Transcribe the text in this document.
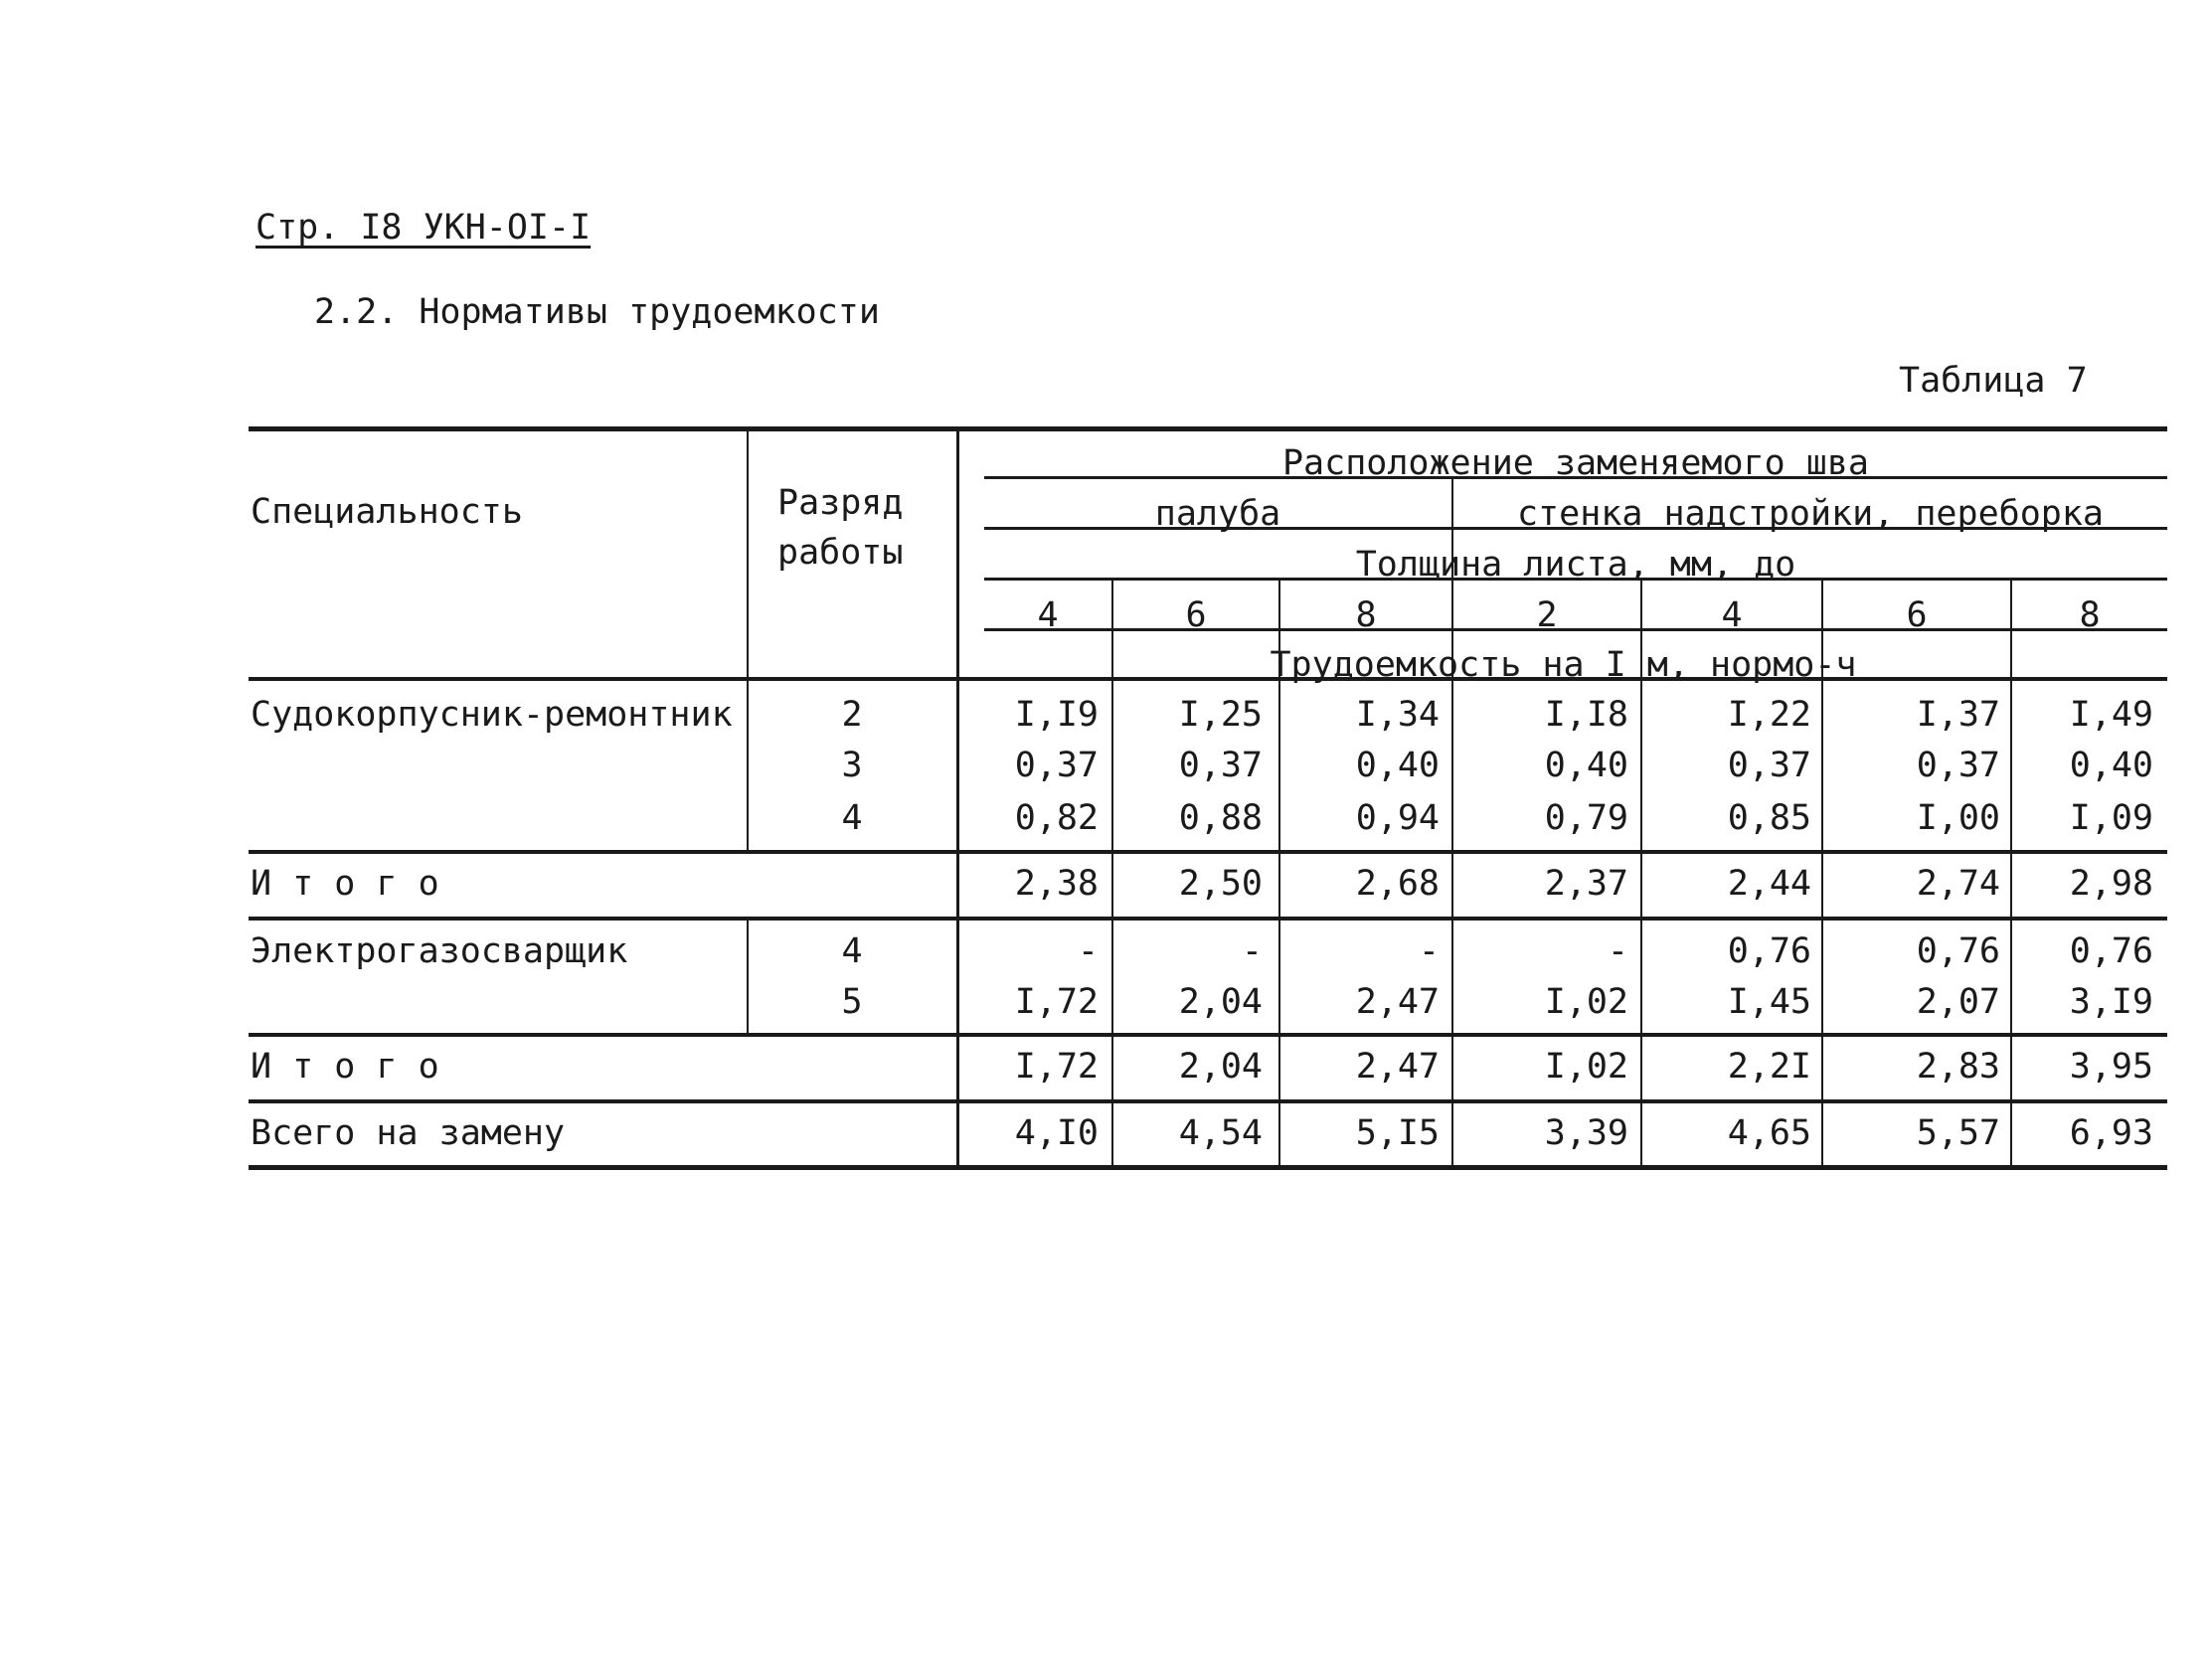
Стр. I8 УКН-OI-I
2.2. Нормативы трудоемкости
Таблица 7
Специальность	Разряд работы
Расположение заменяемого шва
палуба	стенка надстройки, переборка
Толщина листа, мм, до
4	6	8	2	4	6	8
Трудоемкость на I м, нормо-ч
Судокорпусник-ремонтник	2	I,I9	I,25	I,34	I,I8	I,22	I,37	I,49
3	0,37	0,37	0,40	0,40	0,37	0,37	0,40
4	0,82	0,88	0,94	0,79	0,85	I,00	I,09
И т о г о	2,38	2,50	2,68	2,37	2,44	2,74	2,98
Электрогазосварщик	4	-	-	-	-	0,76	0,76	0,76
5	I,72	2,04	2,47	I,02	I,45	2,07	3,I9
И т о г о	I,72	2,04	2,47	I,02	2,2I	2,83	3,95
Всего на замену	4,I0	4,54	5,I5	3,39	4,65	5,57	6,93
